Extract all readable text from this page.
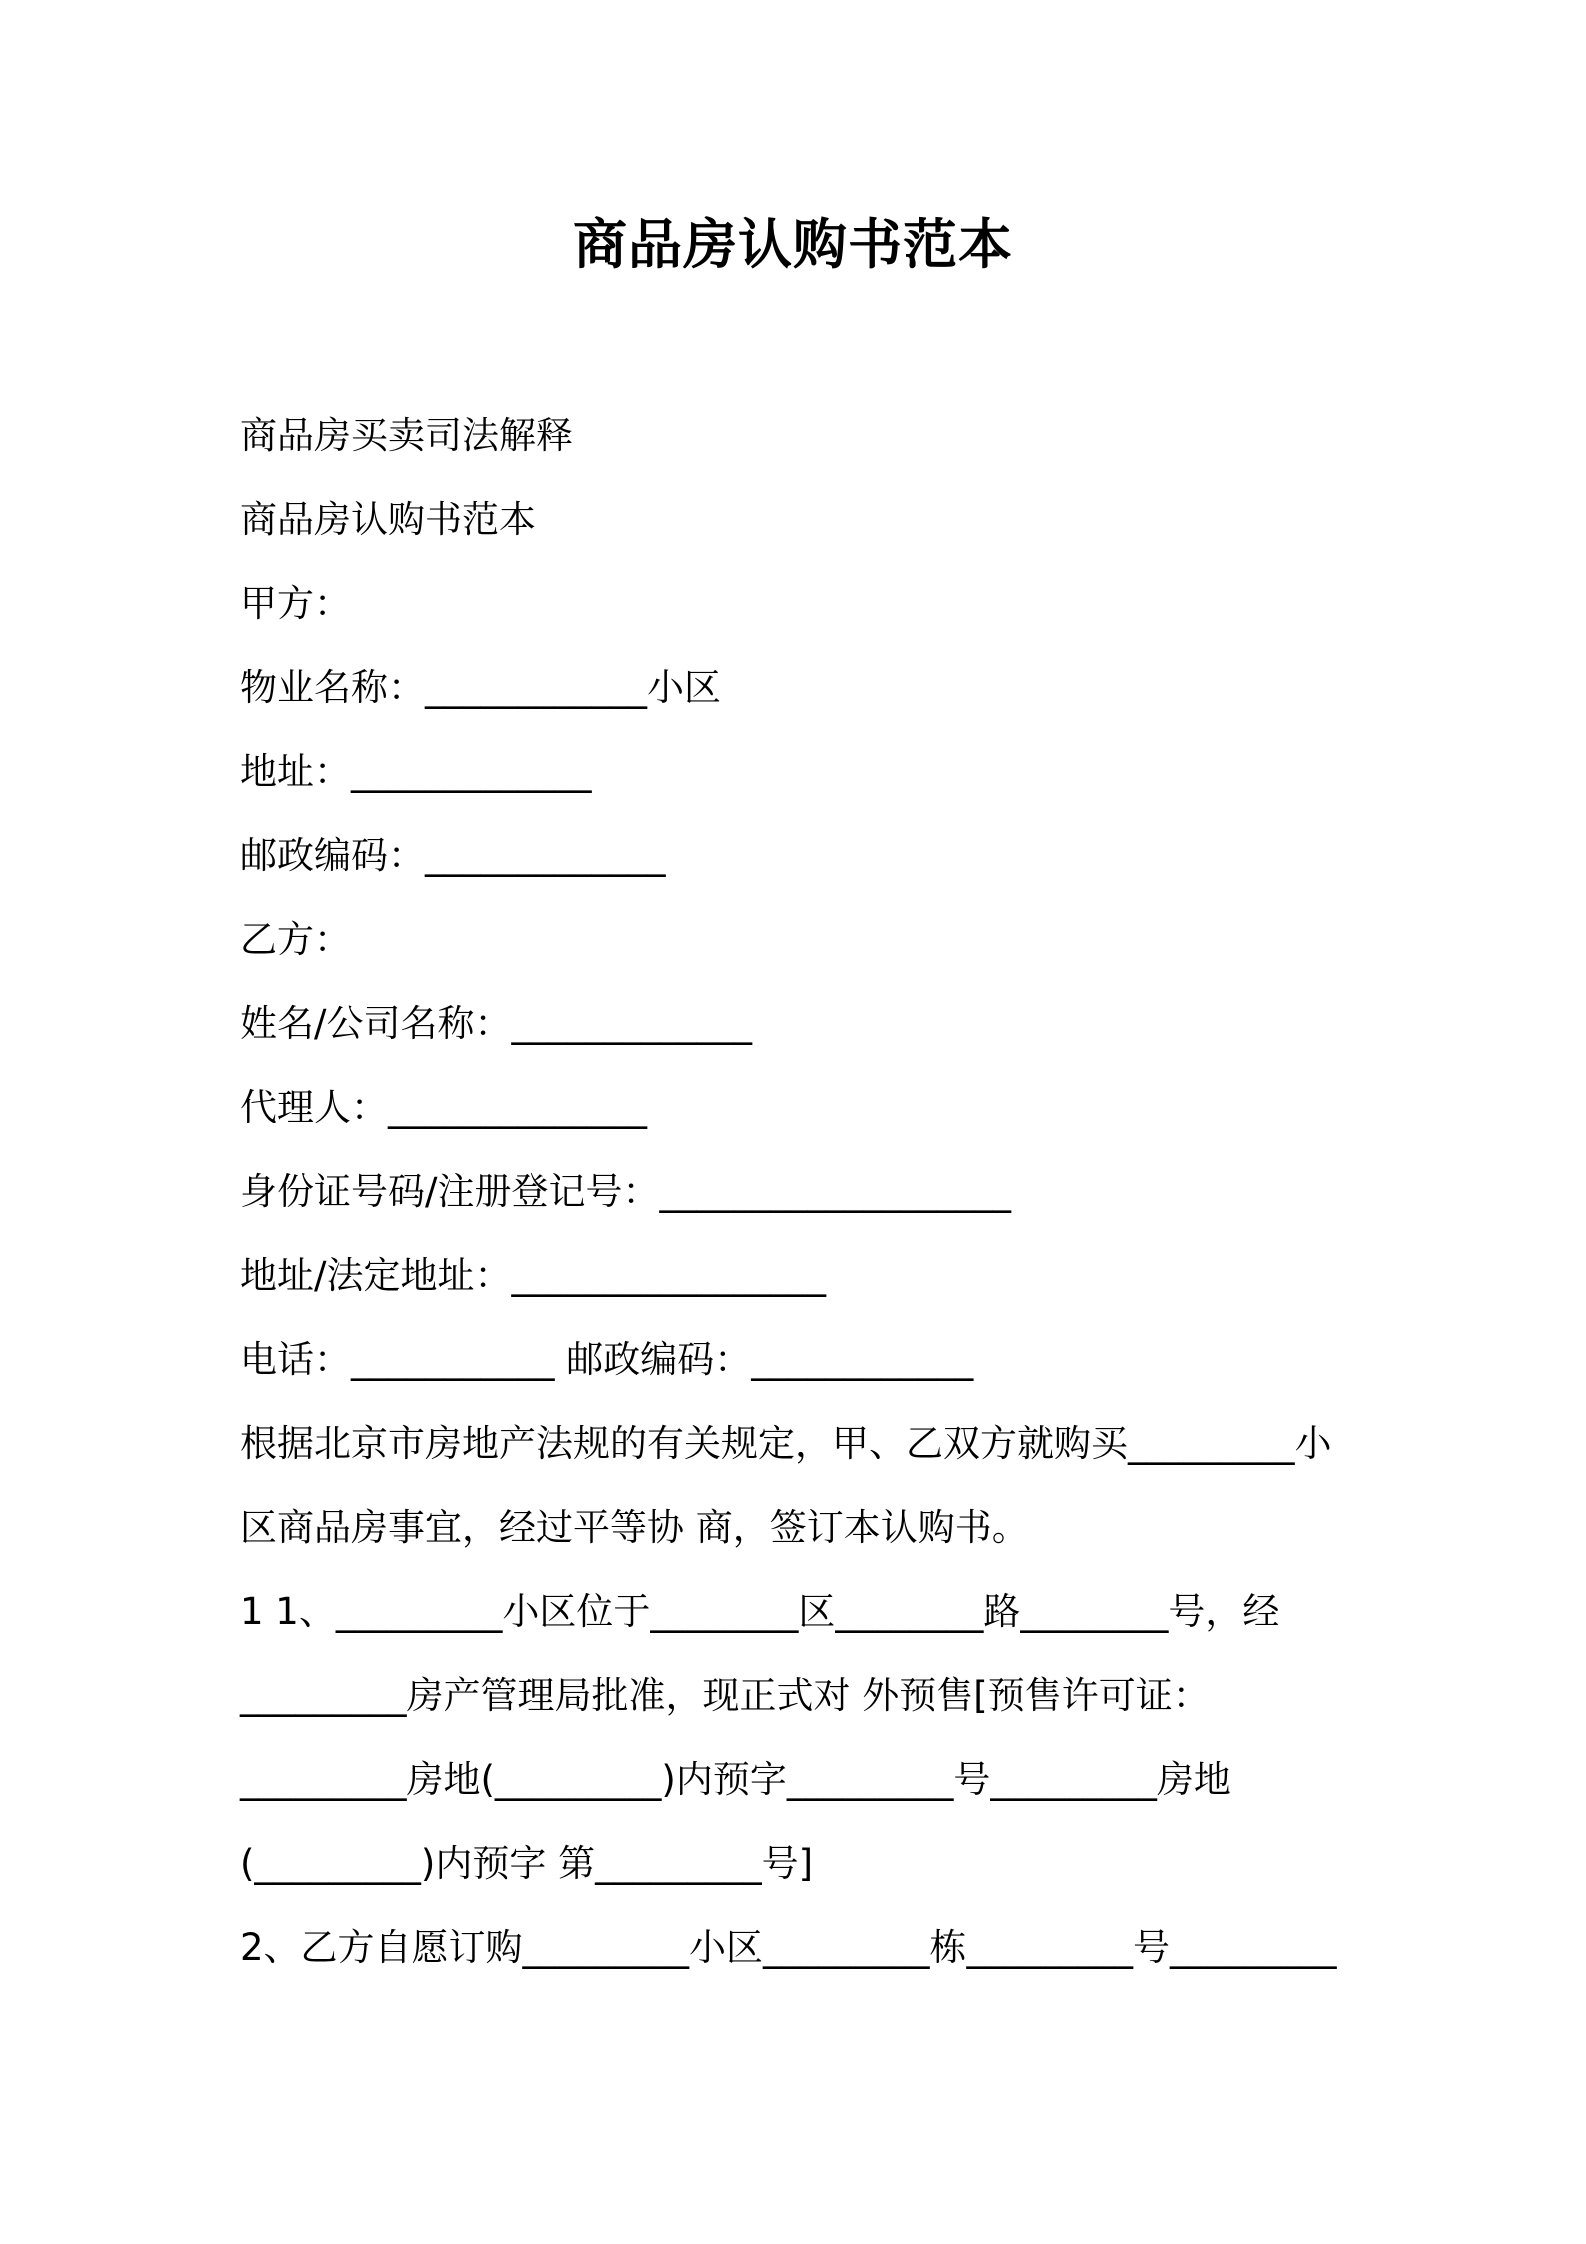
商品房认购书范本
商品房买卖司法解释
商品房认购书范本
甲方：
物业名称：____________小区
地址：_____________
邮政编码：_____________
乙方：
姓名/公司名称：_____________
代理人：______________
身份证号码/注册登记号：___________________
地址/法定地址：_________________
电话：___________ 邮政编码：____________
根据北京市房地产法规的有关规定，甲、乙双方就购买_________小
区商品房事宜，经过平等协 商，签订本认购书。
1 1、_________小区位于________区________路________号，经
_________房产管理局批准，现正式对 外预售[预售许可证：
_________房地(_________)内预字_________号_________房地
(_________)内预字 第_________号]
2、乙方自愿订购_________小区_________栋_________号_________
